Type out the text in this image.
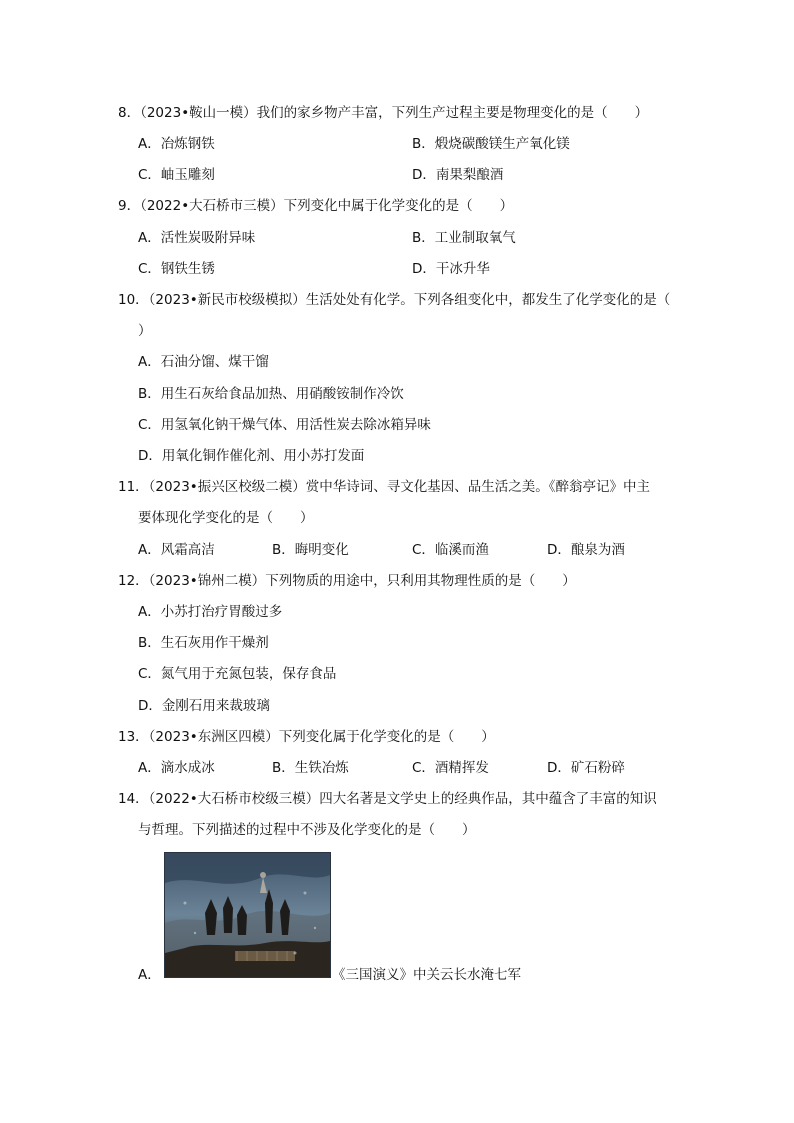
8．（2023•鞍山一模）我们的家乡物产丰富，下列生产过程主要是物理变化的是（　　）
A．冶炼钢铁	B．煅烧碳酸镁生产氧化镁
C．岫玉雕刻	D．南果梨酿酒
9．（2022•大石桥市三模）下列变化中属于化学变化的是（　　）
A．活性炭吸附异味	B．工业制取氧气
C．钢铁生锈	D．干冰升华
10．（2023•新民市校级模拟）生活处处有化学。下列各组变化中，都发生了化学变化的是（
）
A．石油分馏、煤干馏
B．用生石灰给食品加热、用硝酸铵制作冷饮
C．用氢氧化钠干燥气体、用活性炭去除冰箱异味
D．用氧化铜作催化剂、用小苏打发面
11．（2023•振兴区校级二模）赏中华诗词、寻文化基因、品生活之美。《醉翁亭记》中主
要体现化学变化的是（　　）
A．风霜高洁	B．晦明变化	C．临溪而渔	D．酿泉为酒
12．（2023•锦州二模）下列物质的用途中，只利用其物理性质的是（　　）
A．小苏打治疗胃酸过多
B．生石灰用作干燥剂
C．氮气用于充氮包装，保存食品
D．金刚石用来裁玻璃
13．（2023•东洲区四模）下列变化属于化学变化的是（　　）
A．滴水成冰	B．生铁冶炼	C．酒精挥发	D．矿石粉碎
14．（2022•大石桥市校级三模）四大名著是文学史上的经典作品，其中蕴含了丰富的知识
与哲理。下列描述的过程中不涉及化学变化的是（　　）
A．	《三国演义》中关云长水淹七军
